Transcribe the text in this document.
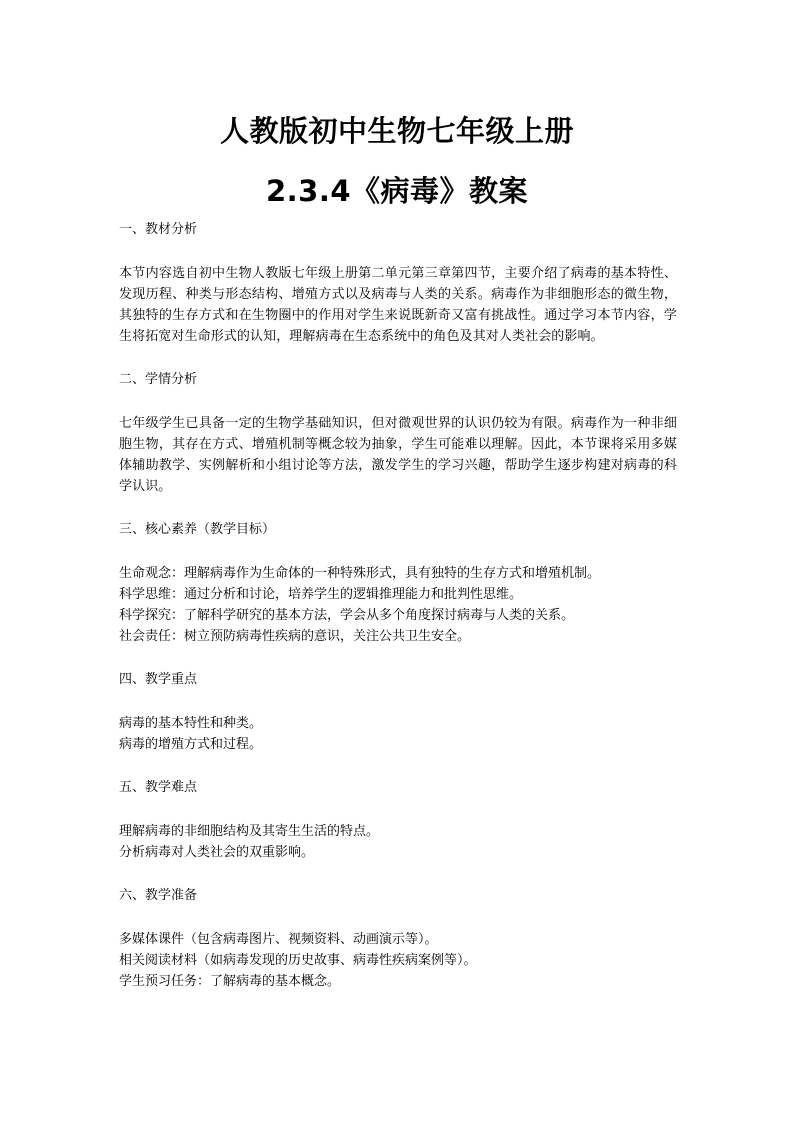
人教版初中生物七年级上册
2.3.4《病毒》教案
一、教材分析

本节内容选自初中生物人教版七年级上册第二单元第三章第四节，主要介绍了病毒的基本特性、发现历程、种类与形态结构、增殖方式以及病毒与人类的关系。病毒作为非细胞形态的微生物，其独特的生存方式和在生物圈中的作用对学生来说既新奇又富有挑战性。通过学习本节内容，学生将拓宽对生命形式的认知，理解病毒在生态系统中的角色及其对人类社会的影响。

二、学情分析

七年级学生已具备一定的生物学基础知识，但对微观世界的认识仍较为有限。病毒作为一种非细胞生物，其存在方式、增殖机制等概念较为抽象，学生可能难以理解。因此，本节课将采用多媒体辅助教学、实例解析和小组讨论等方法，激发学生的学习兴趣，帮助学生逐步构建对病毒的科学认识。

三、核心素养（教学目标）

生命观念：理解病毒作为生命体的一种特殊形式，具有独特的生存方式和增殖机制。

科学思维：通过分析和讨论，培养学生的逻辑推理能力和批判性思维。

科学探究：了解科学研究的基本方法，学会从多个角度探讨病毒与人类的关系。

社会责任：树立预防病毒性疾病的意识，关注公共卫生安全。

四、教学重点

病毒的基本特性和种类。

病毒的增殖方式和过程。

五、教学难点

理解病毒的非细胞结构及其寄生生活的特点。

分析病毒对人类社会的双重影响。

六、教学准备

多媒体课件（包含病毒图片、视频资料、动画演示等）。

相关阅读材料（如病毒发现的历史故事、病毒性疾病案例等）。

学生预习任务：了解病毒的基本概念。
